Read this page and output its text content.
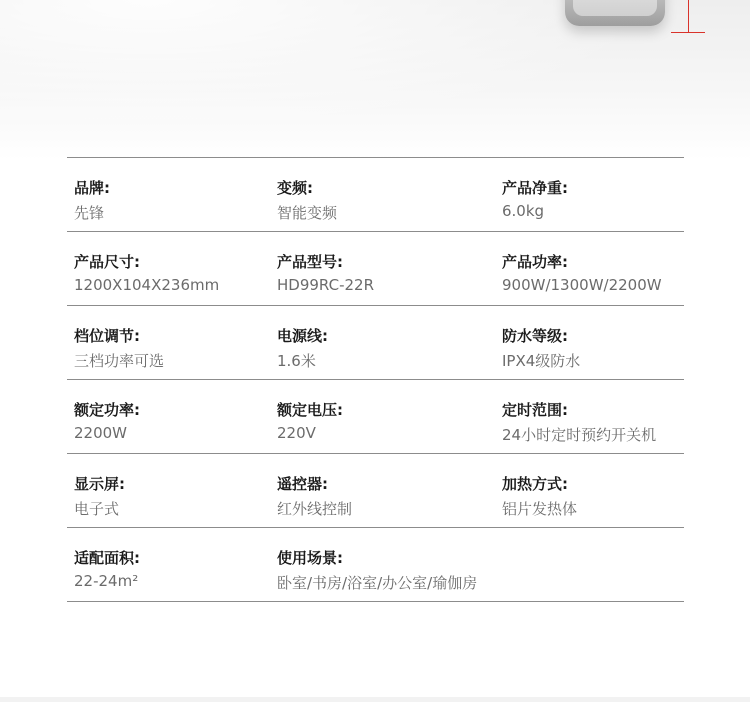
品牌:
先锋
变频:
智能变频
产品净重:
6.0kg
产品尺寸:
1200X104X236mm
产品型号:
HD99RC-22R
产品功率:
900W/1300W/2200W
档位调节:
三档功率可选
电源线:
1.6米
防水等级:
IPX4级防水
额定功率:
2200W
额定电压:
220V
定时范围:
24小时定时预约开关机
显示屏:
电子式
遥控器:
红外线控制
加热方式:
铝片发热体
适配面积:
22-24m²
使用场景:
卧室/书房/浴室/办公室/瑜伽房
